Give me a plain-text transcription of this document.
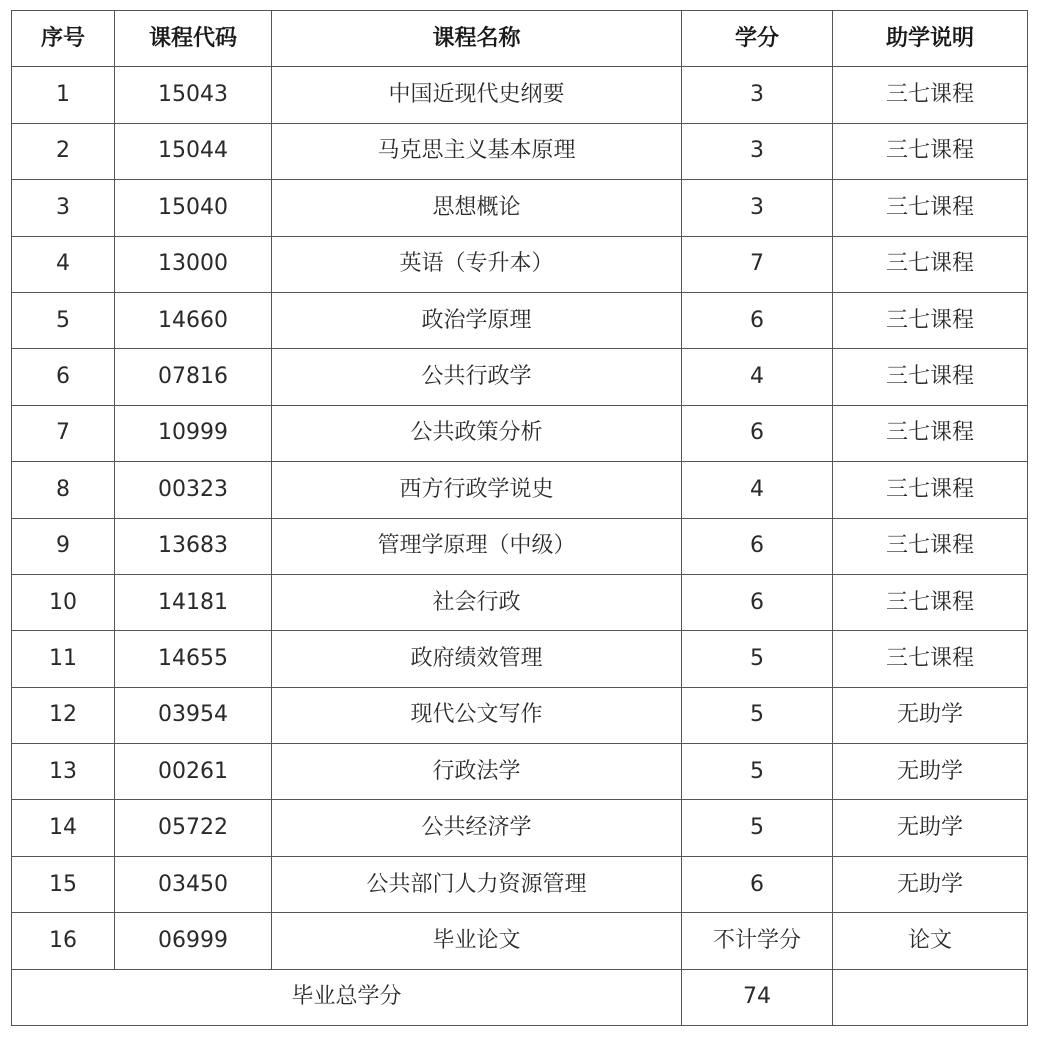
序号	课程代码	课程名称	学分	助学说明
1	15043	中国近现代史纲要	3	三七课程
2	15044	马克思主义基本原理	3	三七课程
3	15040	思想概论	3	三七课程
4	13000	英语（专升本）	7	三七课程
5	14660	政治学原理	6	三七课程
6	07816	公共行政学	4	三七课程
7	10999	公共政策分析	6	三七课程
8	00323	西方行政学说史	4	三七课程
9	13683	管理学原理（中级）	6	三七课程
10	14181	社会行政	6	三七课程
11	14655	政府绩效管理	5	三七课程
12	03954	现代公文写作	5	无助学
13	00261	行政法学	5	无助学
14	05722	公共经济学	5	无助学
15	03450	公共部门人力资源管理	6	无助学
16	06999	毕业论文	不计学分	论文
毕业总学分			74	
